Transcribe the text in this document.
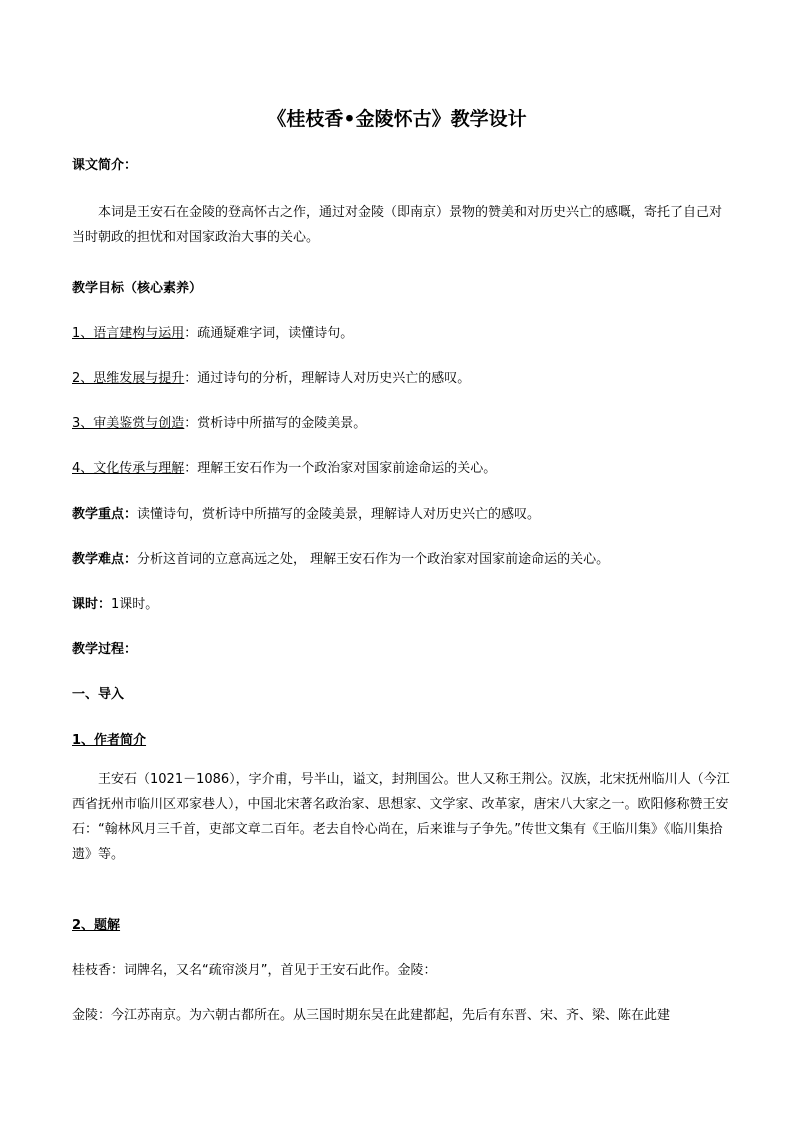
《桂枝香•金陵怀古》教学设计
课文简介：
本词是王安石在金陵的登高怀古之作，通过对金陵（即南京）景物的赞美和对历史兴亡的感嘅，寄托了自己对当时朝政的担忧和对国家政治大事的关心。
教学目标（核心素养）
1、语言建构与运用：疏通疑难字词，读懂诗句。
2、思维发展与提升：通过诗句的分析，理解诗人对历史兴亡的感叹。
3、审美鉴赏与创造：赏析诗中所描写的金陵美景。
4、文化传承与理解：理解王安石作为一个政治家对国家前途命运的关心。
教学重点：读懂诗句，赏析诗中所描写的金陵美景，理解诗人对历史兴亡的感叹。
教学难点：分析这首词的立意高远之处， 理解王安石作为一个政治家对国家前途命运的关心。
课时：1课时。
教学过程：
一、导入
1、作者简介
王安石（1021－1086），字介甫，号半山，谥文，封荆国公。世人又称王荆公。汉族，北宋抚州临川人（今江西省抚州市临川区邓家巷人），中国北宋著名政治家、思想家、文学家、改革家，唐宋八大家之一。欧阳修称赞王安石：“翰林风月三千首，吏部文章二百年。老去自怜心尚在，后来谁与子争先。”传世文集有《王临川集》《临川集拾遗》等。
2、题解
桂枝香：词牌名，又名“疏帘淡月”，首见于王安石此作。金陵：
金陵：今江苏南京。为六朝古都所在。从三国时期东吴在此建都起，先后有东晋、宋、齐、梁、陈在此建
